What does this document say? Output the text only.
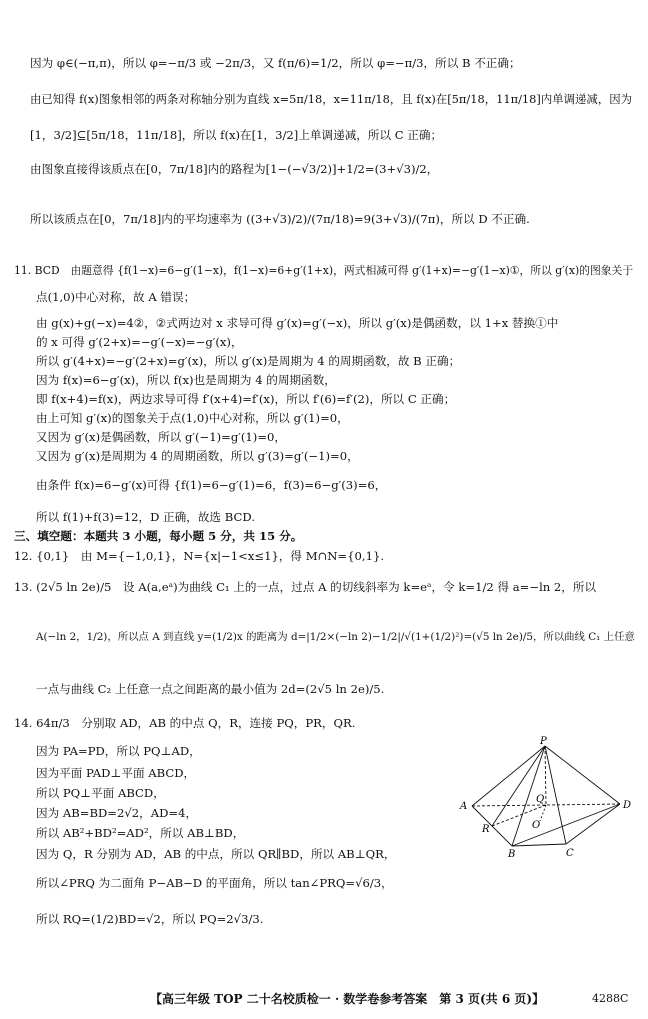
因为 φ∈(−π,π)，所以 φ=−π/3 或 −2π/3，又 f(π/6)=1/2，所以 φ=−π/3，所以 B 不正确；
由已知得 f(x)图象相邻的两条对称轴分别为直线 x=5π/18，x=11π/18，且 f(x)在[5π/18，11π/18]内单调递减，因为
[1，3/2]⊆[5π/18，11π/18]，所以 f(x)在[1，3/2]上单调递减，所以 C 正确；
由图象直接得该质点在[0，7π/18]内的路程为[1−(−√3/2)]+1/2=(3+√3)/2，
所以该质点在[0，7π/18]内的平均速率为 ((3+√3)/2)/(7π/18)=9(3+√3)/(7π)，所以 D 不正确.
11. BCD　由题意得 {f(1−x)=6−g′(1−x)，f(1−x)=6+g′(1+x)，两式相减可得 g′(1+x)=−g′(1−x)①，所以 g′(x)的图象关于
点(1,0)中心对称，故 A 错误；
由 g(x)+g(−x)=4②，②式两边对 x 求导可得 g′(x)=g′(−x)，所以 g′(x)是偶函数，以 1+x 替换①中
的 x 可得 g′(2+x)=−g′(−x)=−g′(x)，
所以 g′(4+x)=−g′(2+x)=g′(x)，所以 g′(x)是周期为 4 的周期函数，故 B 正确；
因为 f(x)=6−g′(x)，所以 f(x)也是周期为 4 的周期函数，
即 f(x+4)=f(x)，两边求导可得 f′(x+4)=f′(x)，所以 f′(6)=f′(2)，所以 C 正确；
由上可知 g′(x)的图象关于点(1,0)中心对称，所以 g′(1)=0，
又因为 g′(x)是偶函数，所以 g′(−1)=g′(1)=0，
又因为 g′(x)是周期为 4 的周期函数，所以 g′(3)=g′(−1)=0，
由条件 f(x)=6−g′(x)可得 {f(1)=6−g′(1)=6，f(3)=6−g′(3)=6，
所以 f(1)+f(3)=12，D 正确，故选 BCD.
三、填空题：本题共 3 小题，每小题 5 分，共 15 分。
12. {0,1}　由 M={−1,0,1}，N={x|−1<x≤1}，得 M∩N={0,1}.
13. (2√5 ln 2e)/5　设 A(a,eᵃ)为曲线 C₁ 上的一点，过点 A 的切线斜率为 k=eᵃ，令 k=1/2 得 a=−ln 2，所以
A(−ln 2，1/2)，所以点 A 到直线 y=(1/2)x 的距离为 d=|1/2×(−ln 2)−1/2|/√(1+(1/2)²)=(√5 ln 2e)/5，所以曲线 C₁ 上任意
一点与曲线 C₂ 上任意一点之间距离的最小值为 2d=(2√5 ln 2e)/5.
14. 64π/3　分别取 AD，AB 的中点 Q，R，连接 PQ，PR，QR.
因为 PA=PD，所以 PQ⊥AD，
因为平面 PAD⊥平面 ABCD，
所以 PQ⊥平面 ABCD，
因为 AB=BD=2√2，AD=4，
所以 AB²+BD²=AD²，所以 AB⊥BD，
因为 Q，R 分别为 AD，AB 的中点，所以 QR∥BD，所以 AB⊥QR，
所以∠PRQ 为二面角 P−AB−D 的平面角，所以 tan∠PRQ=√6/3，
所以 RQ=(1/2)BD=√2，所以 PQ=2√3/3.
P
A	D
Q
O
R
B	C
【高三年级 TOP 二十名校质检一 · 数学卷参考答案　第 3 页(共 6 页)】	4288C
